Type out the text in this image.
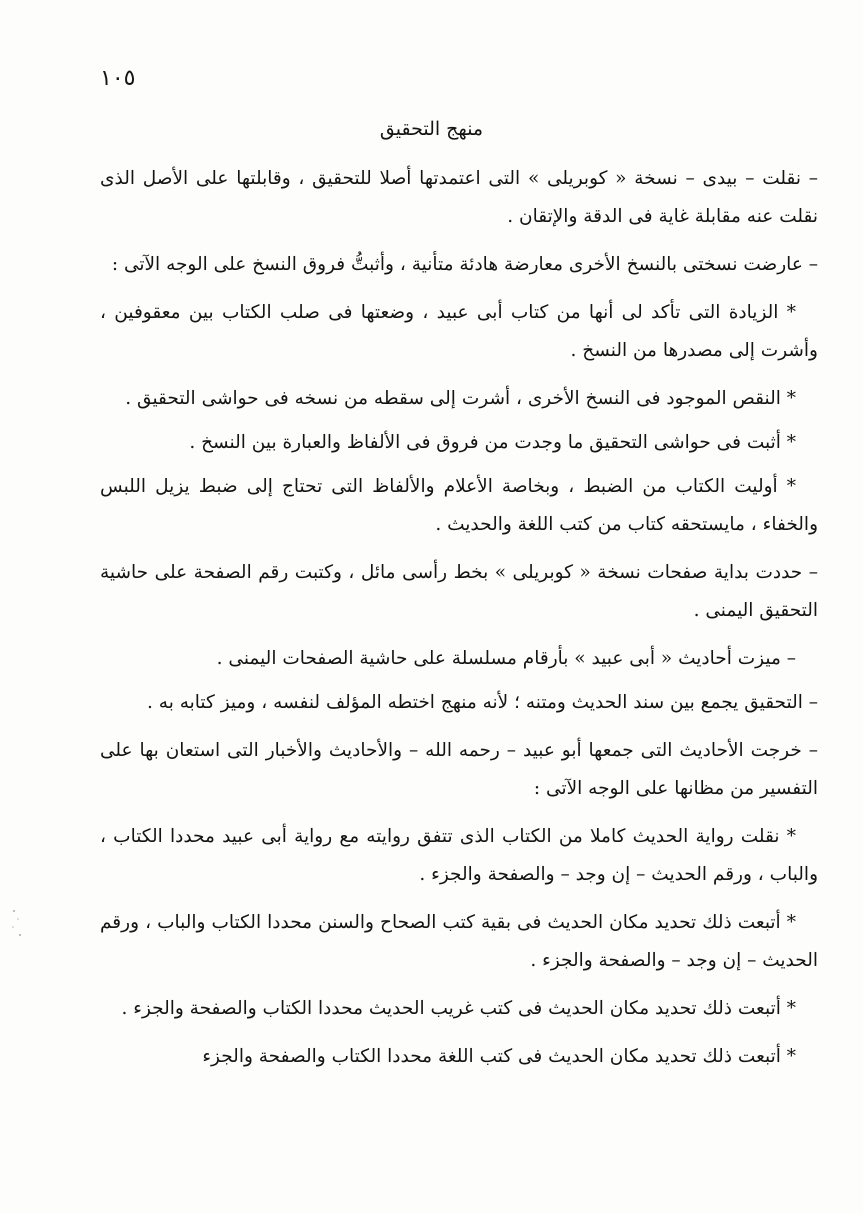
١٠٥
منهج التحقيق

– نقلت – بيدى – نسخة « كوبريلى » التى اعتمدتها أصلا للتحقيق ، وقابلتها على الأصل الذى نقلت عنه مقابلة غاية فى الدقة والإتقان .

– عارضت نسختى بالنسخ الأخرى معارضة هادئة متأنية ، وأثبتُّ فروق النسخ على الوجه الآتى :

* الزيادة التى تأكد لى أنها من كتاب أبى عبيد ، وضعتها فى صلب الكتاب بين معقوفين ، وأشرت إلى مصدرها من النسخ .

* النقص الموجود فى النسخ الأخرى ، أشرت إلى سقطه من نسخه فى حواشى التحقيق .

* أثبت فى حواشى التحقيق ما وجدت من فروق فى الألفاظ والعبارة بين النسخ .

* أوليت الكتاب من الضبط ، وبخاصة الأعلام والألفاظ التى تحتاج إلى ضبط يزيل اللبس والخفاء ، مايستحقه كتاب من كتب اللغة والحديث .

– حددت بداية صفحات نسخة « كوبريلى » بخط رأسى مائل ، وكتبت رقم الصفحة على حاشية التحقيق اليمنى .

– ميزت أحاديث « أبى عبيد » بأرقام مسلسلة على حاشية الصفحات اليمنى .

– التحقيق يجمع بين سند الحديث ومتنه ؛ لأنه منهج اختطه المؤلف لنفسه ، وميز كتابه به .

– خرجت الأحاديث التى جمعها أبو عبيد – رحمه الله – والأحاديث والأخبار التى استعان بها على التفسير من مظانها على الوجه الآتى :

* نقلت رواية الحديث كاملا من الكتاب الذى تتفق روايته مع رواية أبى عبيد محددا الكتاب ، والباب ، ورقم الحديث – إن وجد – والصفحة والجزء .

* أتبعت ذلك تحديد مكان الحديث فى بقية كتب الصحاح والسنن محددا الكتاب والباب ، ورقم الحديث – إن وجد – والصفحة والجزء .

* أتبعت ذلك تحديد مكان الحديث فى كتب غريب الحديث محددا الكتاب والصفحة والجزء .

* أتبعت ذلك تحديد مكان الحديث فى كتب اللغة محددا الكتاب والصفحة والجزء
